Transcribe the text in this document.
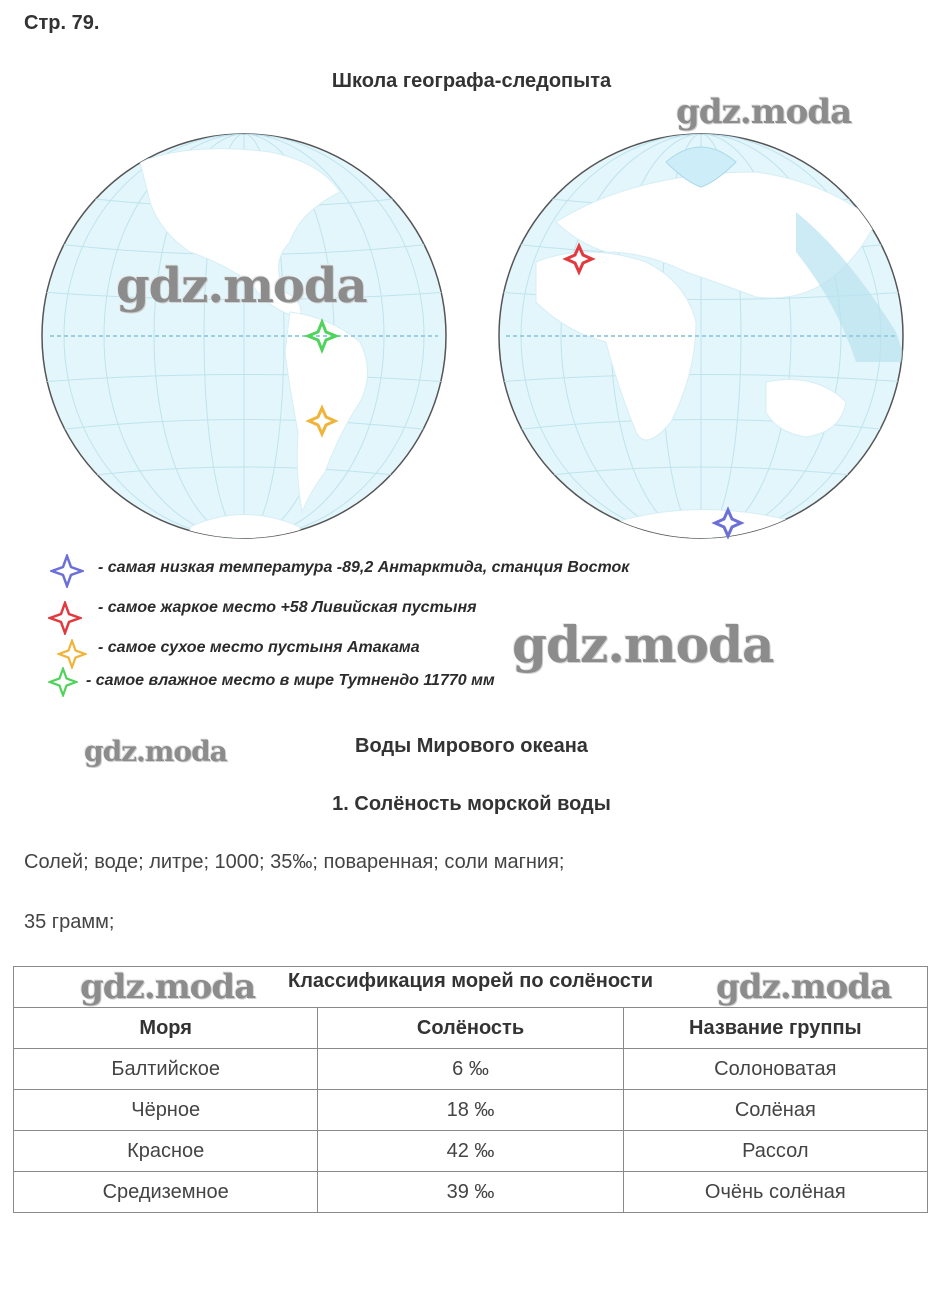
Стр. 79.
Школа географа-следопыта
gdz.moda
gdz.moda
gdz.moda
gdz.moda
- самая низкая температура -89,2 Антарктида, станция Восток
- самое жаркое место +58 Ливийская пустыня
- самое сухое место пустыня Атакама
- самое влажное место в мире Тутнендо 11770 мм
Воды Мирового океана
1. Солёность морской воды
Солей; воде; литре; 1000; 35‰; поваренная; соли магния;
35 грамм;
gdz.moda Классификация морей по солёности gdz.moda		

Моря	Солёность	Название группы
Балтийское	6 ‰	Солоноватая
Чёрное	18 ‰	Солёная
Красное	42 ‰	Рассол
Средиземное	39 ‰	Очёнь солёная
